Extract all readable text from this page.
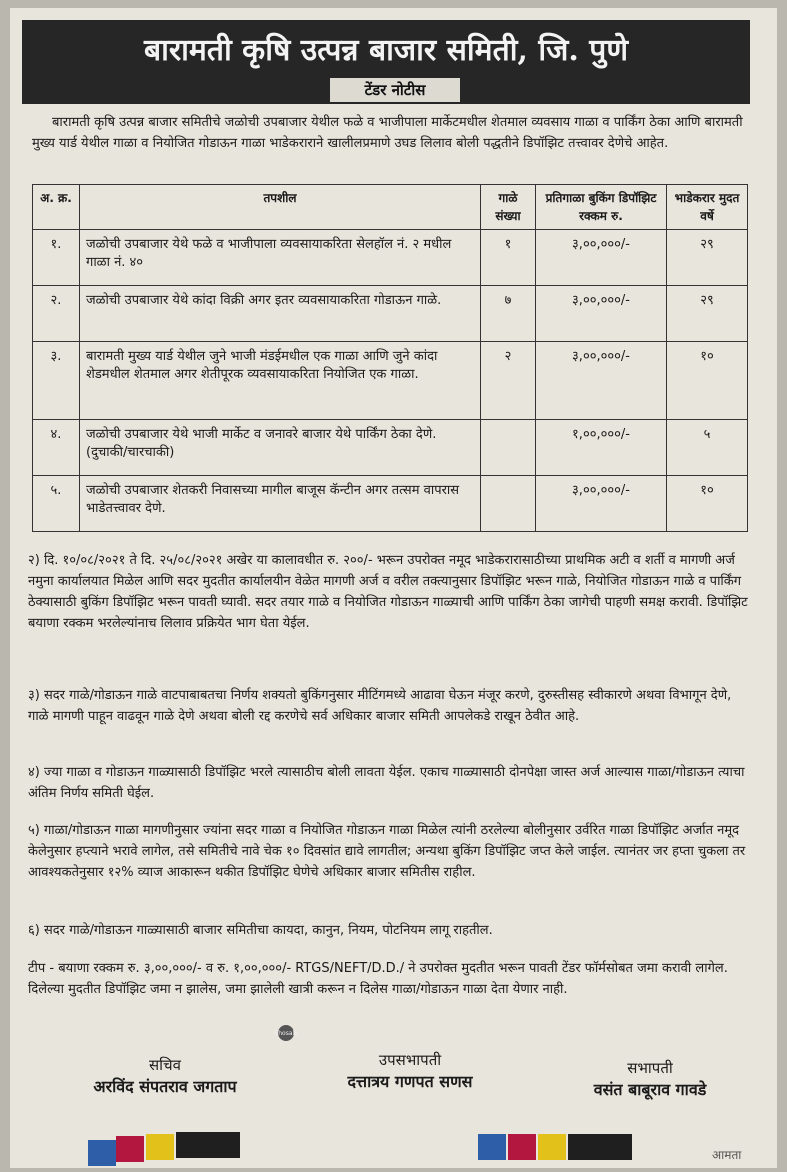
बारामती कृषि उत्पन्न बाजार समिती, जि. पुणे
टेंडर नोटीस
बारामती कृषि उत्पन्न बाजार समितीचे जळोची उपबाजार येथील फळे व भाजीपाला मार्केटमधील शेतमाल व्यवसाय गाळा व पार्किंग ठेका आणि बारामती मुख्य यार्ड येथील गाळा व नियोजित गोडाऊन गाळा भाडेकराराने खालीलप्रमाणे उघड लिलाव बोली पद्धतीने डिपॉझिट तत्त्वावर देणेचे आहेत.
अ. क्र.	तपशील	गाळे संख्या	प्रतिगाळा बुकिंग डिपॉझिट रक्कम रु.	भाडेकरार मुदत वर्षे
१.	जळोची उपबाजार येथे फळे व भाजीपाला व्यवसायाकरिता सेलहॉल नं. २ मधील गाळा नं. ४०	१	३,००,०००/-	२९
२.	जळोची उपबाजार येथे कांदा विक्री अगर इतर व्यवसायाकरिता गोडाऊन गाळे.	७	३,००,०००/-	२९
३.	बारामती मुख्य यार्ड येथील जुने भाजी मंडईमधील एक गाळा आणि जुने कांदा शेडमधील शेतमाल अगर शेतीपूरक व्यवसायाकरिता नियोजित एक गाळा.	२	३,००,०००/-	१०
४.	जळोची उपबाजार येथे भाजी मार्केट व जनावरे बाजार येथे पार्किंग ठेका देणे. (दुचाकी/चारचाकी)		१,००,०००/-	५
५.	जळोची उपबाजार शेतकरी निवासच्या मागील बाजूस कॅन्टीन अगर तत्सम वापरास भाडेतत्त्वावर देणे.		३,००,०००/-	१०
२) दि. १०/०८/२०२१ ते दि. २५/०८/२०२१ अखेर या कालावधीत रु. २००/- भरून उपरोक्त नमूद भाडेकरारासाठीच्या प्राथमिक अटी व शर्ती व मागणी अर्ज नमुना कार्यालयात मिळेल आणि सदर मुदतीत कार्यालयीन वेळेत मागणी अर्ज व वरील तक्त्यानुसार डिपॉझिट भरून गाळे, नियोजित गोडाऊन गाळे व पार्किंग ठेक्यासाठी बुकिंग डिपॉझिट भरून पावती घ्यावी. सदर तयार गाळे व नियोजित गोडाऊन गाळ्याची आणि पार्किंग ठेका जागेची पाहणी समक्ष करावी. डिपॉझिट बयाणा रक्कम भरलेल्यांनाच लिलाव प्रक्रियेत भाग घेता येईल.
३) सदर गाळे/गोडाऊन गाळे वाटपाबाबतचा निर्णय शक्यतो बुकिंगनुसार मीटिंगमध्ये आढावा घेऊन मंजूर करणे, दुरुस्तीसह स्वीकारणे अथवा विभागून देणे, गाळे मागणी पाहून वाढवून गाळे देणे अथवा बोली रद्द करणेचे सर्व अधिकार बाजार समिती आपलेकडे राखून ठेवीत आहे.
४) ज्या गाळा व गोडाऊन गाळ्यासाठी डिपॉझिट भरले त्यासाठीच बोली लावता येईल. एकाच गाळ्यासाठी दोनपेक्षा जास्त अर्ज आल्यास गाळा/गोडाऊन त्याचा अंतिम निर्णय समिती घेईल.
५) गाळा/गोडाऊन गाळा मागणीनुसार ज्यांना सदर गाळा व नियोजित गोडाऊन गाळा मिळेल त्यांनी ठरलेल्या बोलीनुसार उर्वरित गाळा डिपॉझिट अर्जात नमूद केलेनुसार हप्त्याने भरावे लागेल, तसे समितीचे नावे चेक १० दिवसांत द्यावे लागतील; अन्यथा बुकिंग डिपॉझिट जप्त केले जाईल. त्यानंतर जर हप्ता चुकला तर आवश्यकतेनुसार १२% व्याज आकारून थकीत डिपॉझिट घेणेचे अधिकार बाजार समितीस राहील.
६) सदर गाळे/गोडाऊन गाळ्यासाठी बाजार समितीचा कायदा, कानुन, नियम, पोटनियम लागू राहतील.
टीप - बयाणा रक्कम रु. ३,००,०००/- व रु. १,००,०००/- RTGS/NEFT/D.D./ ने उपरोक्त मुदतीत भरून पावती टेंडर फॉर्मसोबत जमा करावी लागेल. दिलेल्या मुदतीत डिपॉझिट जमा न झालेस, जमा झालेली खात्री करून न दिलेस गाळा/गोडाऊन गाळा देता येणार नाही.
Bhosale
सचिव
अरविंद संपतराव जगताप
उपसभापती
दत्तात्रय गणपत सणस
सभापती
वसंत बाबूराव गावडे
आमता
